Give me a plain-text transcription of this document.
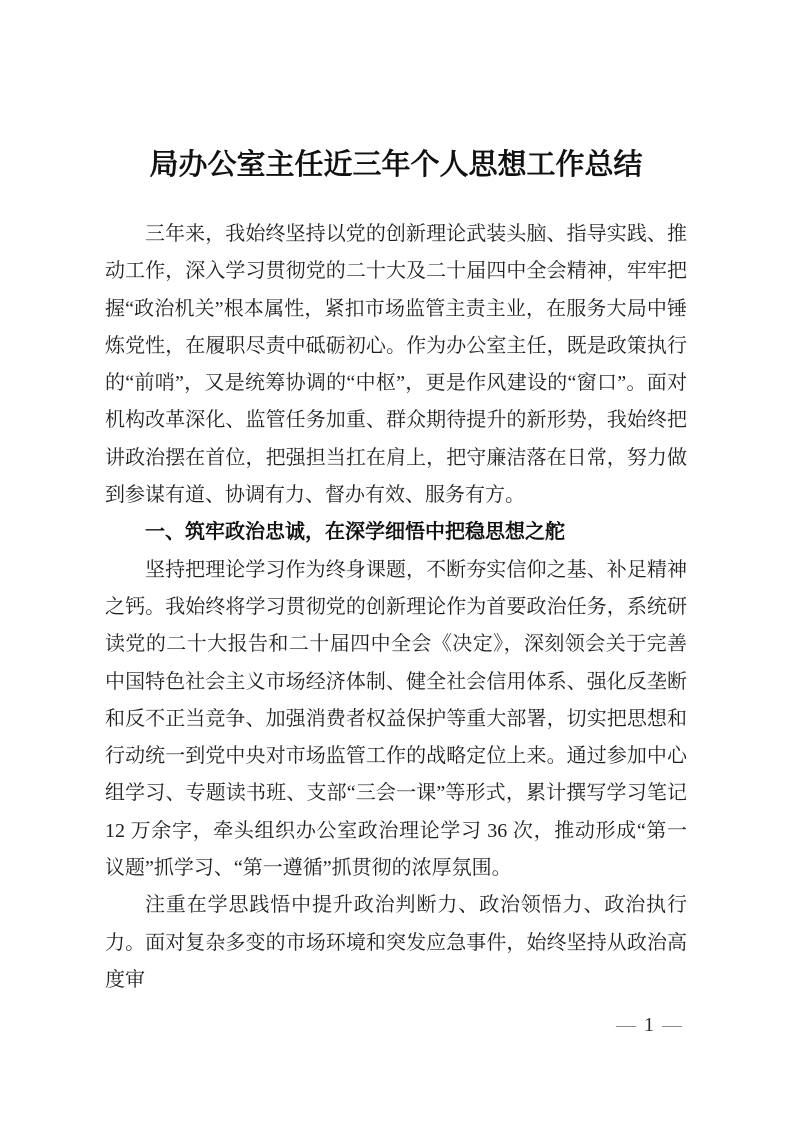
局办公室主任近三年个人思想工作总结

三年来，我始终坚持以党的创新理论武装头脑、指导实践、推动工作，深入学习贯彻党的二十大及二十届四中全会精神，牢牢把握“政治机关”根本属性，紧扣市场监管主责主业，在服务大局中锤炼党性，在履职尽责中砥砺初心。作为办公室主任，既是政策执行的“前哨”，又是统筹协调的“中枢”，更是作风建设的“窗口”。面对机构改革深化、监管任务加重、群众期待提升的新形势，我始终把讲政治摆在首位，把强担当扛在肩上，把守廉洁落在日常，努力做到参谋有道、协调有力、督办有效、服务有方。

一、筑牢政治忠诚，在深学细悟中把稳思想之舵

坚持把理论学习作为终身课题，不断夯实信仰之基、补足精神之钙。我始终将学习贯彻党的创新理论作为首要政治任务，系统研读党的二十大报告和二十届四中全会《决定》，深刻领会关于完善中国特色社会主义市场经济体制、健全社会信用体系、强化反垄断和反不正当竞争、加强消费者权益保护等重大部署，切实把思想和行动统一到党中央对市场监管工作的战略定位上来。通过参加中心组学习、专题读书班、支部“三会一课”等形式，累计撰写学习笔记 12 万余字，牵头组织办公室政治理论学习 36 次，推动形成“第一议题”抓学习、“第一遵循”抓贯彻的浓厚氛围。

注重在学思践悟中提升政治判断力、政治领悟力、政治执行力。面对复杂多变的市场环境和突发应急事件，始终坚持从政治高度审

— 1 —
